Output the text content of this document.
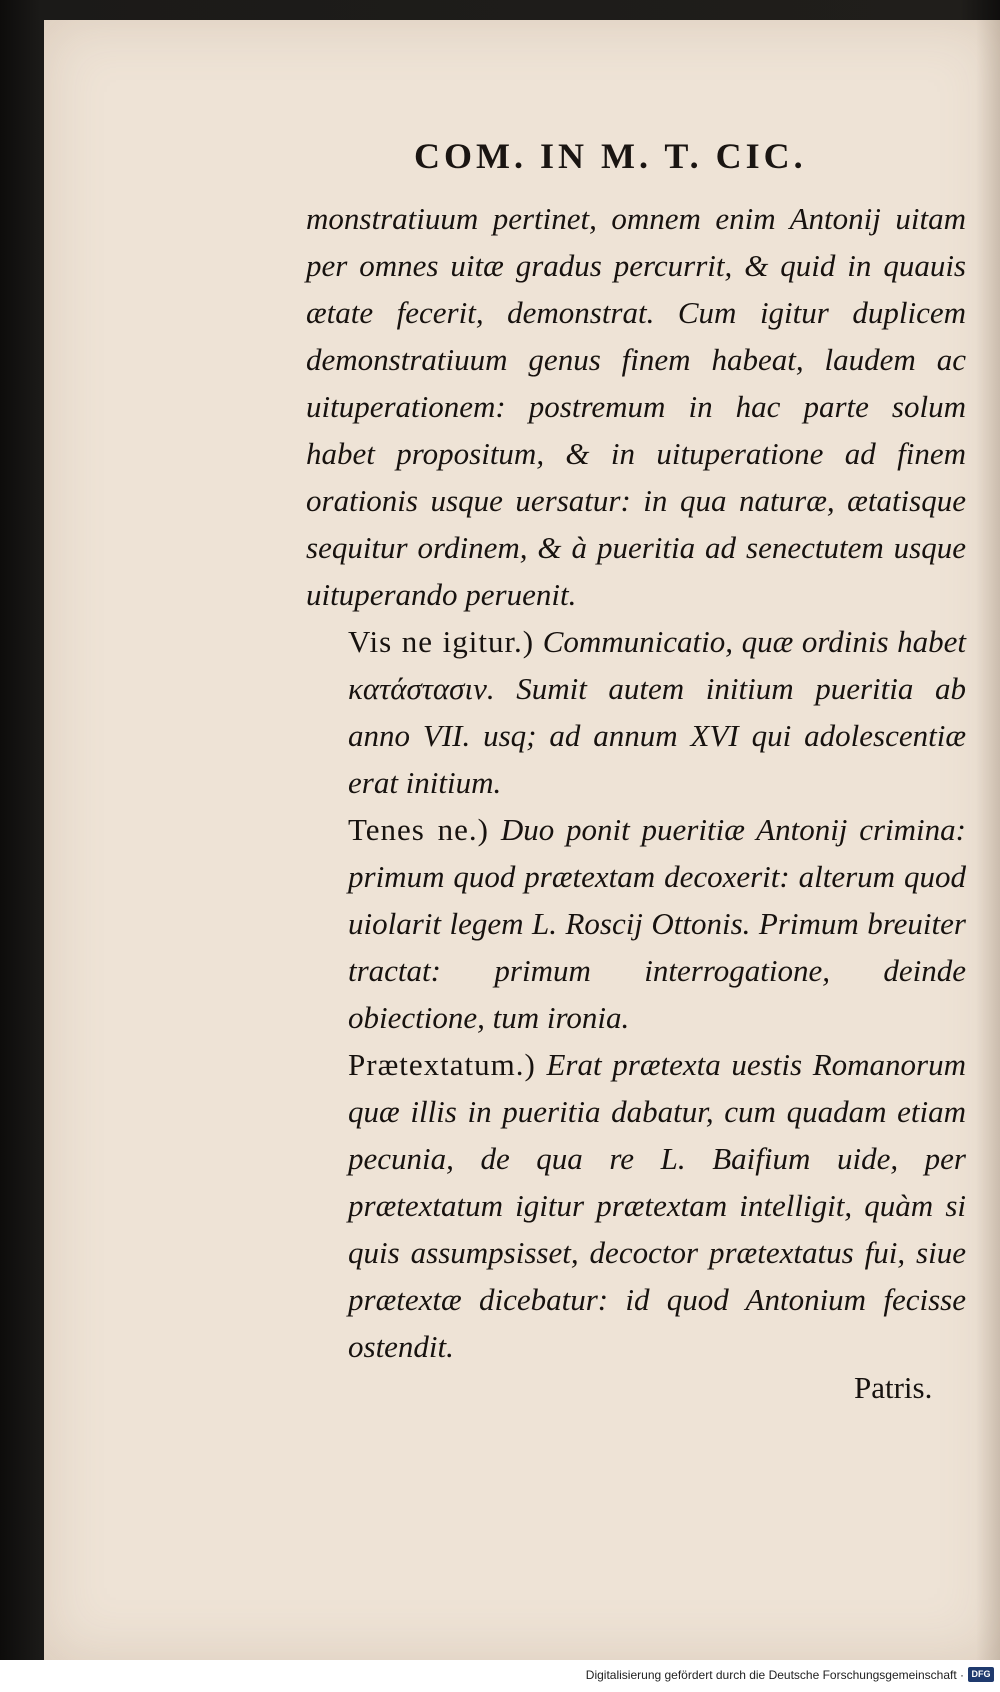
COM. IN M. T. CIC.

monstratiuum pertinet, omnem enim Antonij uitam per omnes uitæ gradus percurrit, & quid in quauis ætate fecerit, demonstrat. Cum igitur duplicem demonstratiuum genus finem habeat, laudem ac uituperationem: postremum in hac parte solum habet propositum, & in uituperatione ad finem orationis usque uersatur: in qua naturæ, ætatisque sequitur ordinem, & à pueritia ad senectutem usque uituperando peruenit.

Vis ne igitur.) Communicatio, quæ ordinis habet κατάστασιν. Sumit autem initium pueritia ab anno VII. usq; ad annum XVI qui adolescentiæ erat initium.

Tenes ne.) Duo ponit pueritiæ Antonij crimina: primum quod prætextam decoxerit: alterum quod uiolarit legem L. Roscij Ottonis. Primum breuiter tractat: primum interrogatione, deinde obiectione, tum ironia.

Prætextatum.) Erat prætexta uestis Romanorum quæ illis in pueritia dabatur, cum quadam etiam pecunia, de qua re L. Baifium uide, per prætextatum igitur prætextam intelligit, quàm si quis assumpsisset, decoctor prætextatus fui, siue prætextæ dicebatur: id quod Antonium fecisse ostendit.

Patris.

Digitalisierung gefördert durch die Deutsche Forschungsgemeinschaft · DFG
